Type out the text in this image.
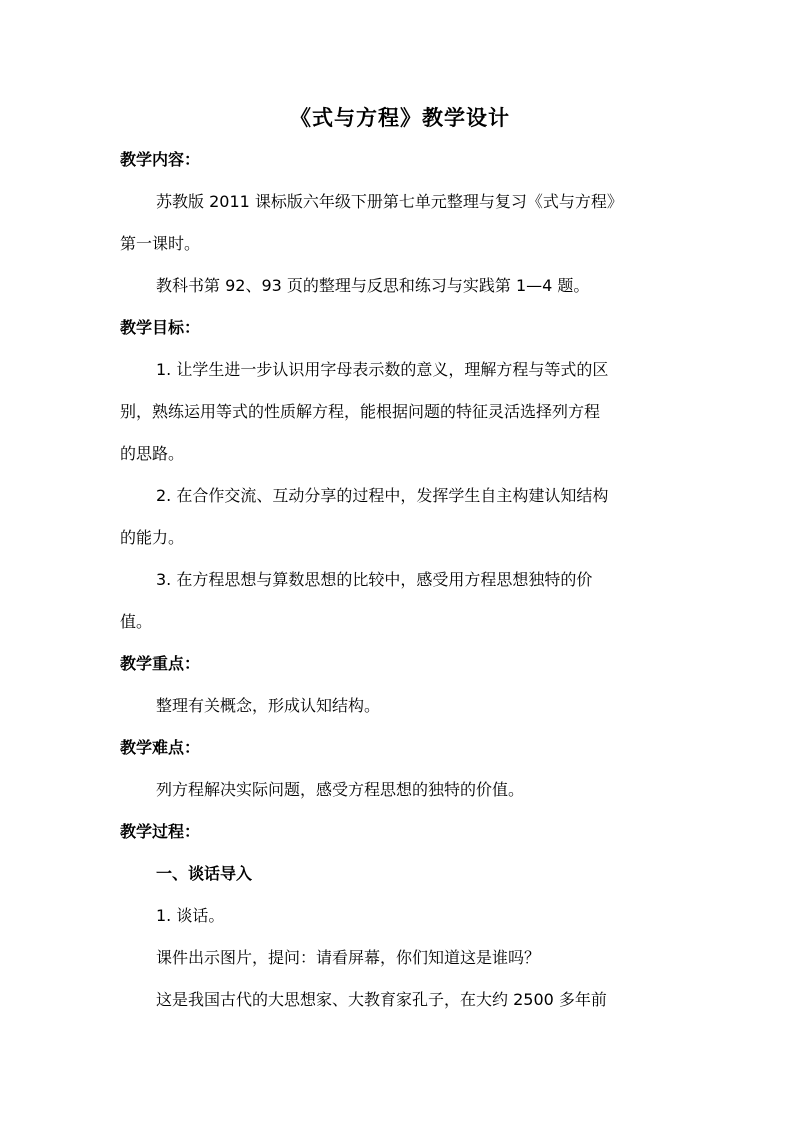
《式与方程》教学设计
教学内容：
苏教版 2011 课标版六年级下册第七单元整理与复习《式与方程》
第一课时。
教科书第 92、93 页的整理与反思和练习与实践第 1—4 题。
教学目标：
1. 让学生进一步认识用字母表示数的意义，理解方程与等式的区
别，熟练运用等式的性质解方程，能根据问题的特征灵活选择列方程
的思路。
2. 在合作交流、互动分享的过程中，发挥学生自主构建认知结构
的能力。
3. 在方程思想与算数思想的比较中，感受用方程思想独特的价
值。
教学重点：
整理有关概念，形成认知结构。
教学难点：
列方程解决实际问题，感受方程思想的独特的价值。
教学过程：
一、谈话导入
1. 谈话。
课件出示图片，提问：请看屏幕，你们知道这是谁吗？
这是我国古代的大思想家、大教育家孔子，在大约 2500 多年前
